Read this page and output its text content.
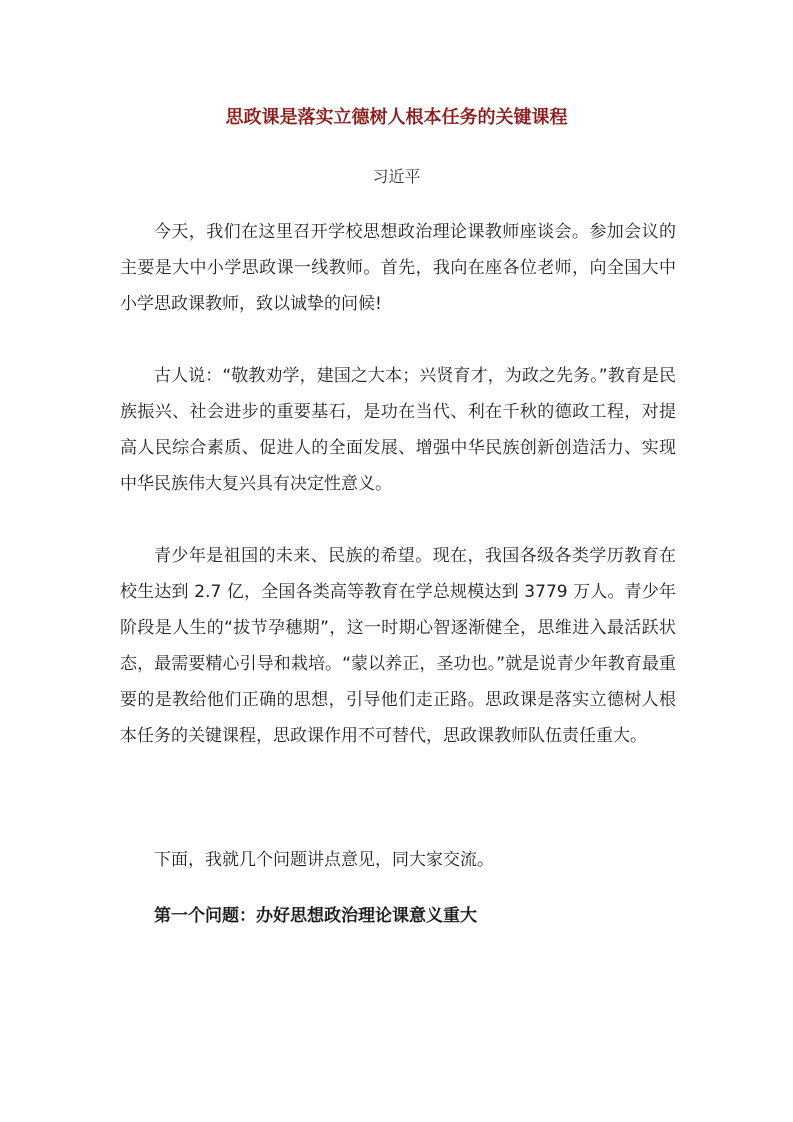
思政课是落实立德树人根本任务的关键课程
习近平

今天，我们在这里召开学校思想政治理论课教师座谈会。参加会议的主要是大中小学思政课一线教师。首先，我向在座各位老师，向全国大中小学思政课教师，致以诚挚的问候!

古人说：“敬教劝学，建国之大本；兴贤育才，为政之先务。”教育是民族振兴、社会进步的重要基石，是功在当代、利在千秋的德政工程，对提高人民综合素质、促进人的全面发展、增强中华民族创新创造活力、实现中华民族伟大复兴具有决定性意义。

青少年是祖国的未来、民族的希望。现在，我国各级各类学历教育在校生达到 2.7 亿，全国各类高等教育在学总规模达到 3779 万人。青少年阶段是人生的“拔节孕穗期”，这一时期心智逐渐健全，思维进入最活跃状态，最需要精心引导和栽培。“蒙以养正，圣功也。”就是说青少年教育最重要的是教给他们正确的思想，引导他们走正路。思政课是落实立德树人根本任务的关键课程，思政课作用不可替代，思政课教师队伍责任重大。

下面，我就几个问题讲点意见，同大家交流。

第一个问题：办好思想政治理论课意义重大
